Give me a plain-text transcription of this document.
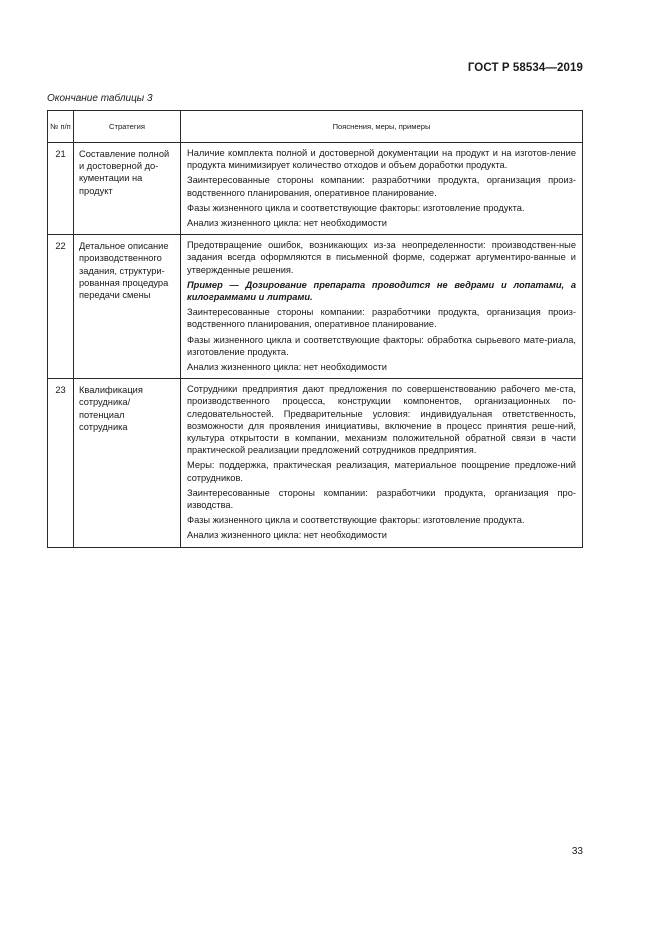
ГОСТ Р 58534—2019
Окончание таблицы 3
№ п/п	Стратегия	Пояснения, меры, примеры
21	Составление полной и достоверной до-кументации на продукт	Наличие комплекта полной и достоверной документации на продукт и на изготов-ление продукта минимизирует количество отходов и объем доработки продукта.

Заинтересованные стороны компании: разработчики продукта, организация произ-водственного планирования, оперативное планирование.

Фазы жизненного цикла и соответствующие факторы: изготовление продукта.

Анализ жизненного цикла: нет необходимости

22	Детальное описание производственного задания, структури-рованная процедура передачи смены	Предотвращение ошибок, возникающих из-за неопределенности: производствен-ные задания всегда оформляются в письменной форме, содержат аргументиро-ванные и утвержденные решения.

Пример — Дозирование препарата проводится не ведрами и лопатами, а килограммами и литрами.

Заинтересованные стороны компании: разработчики продукта, организация произ-водственного планирования, оперативное планирование.

Фазы жизненного цикла и соответствующие факторы: обработка сырьевого мате-риала, изготовление продукта.

Анализ жизненного цикла: нет необходимости

23	Квалификация сотрудника/ потенциал сотрудника	Сотрудники предприятия дают предложения по совершенствованию рабочего ме-ста, производственного процесса, конструкции компонентов, организационных по-следовательностей. Предварительные условия: индивидуальная ответственность, возможности для проявления инициативы, включение в процесс принятия реше-ний, культура открытости в компании, механизм положительной обратной связи в части практической реализации предложений сотрудников предприятия.

Меры: поддержка, практическая реализация, материальное поощрение предложе-ний сотрудников.

Заинтересованные стороны компании: разработчики продукта, организация про-изводства.

Фазы жизненного цикла и соответствующие факторы: изготовление продукта.

Анализ жизненного цикла: нет необходимости

33
